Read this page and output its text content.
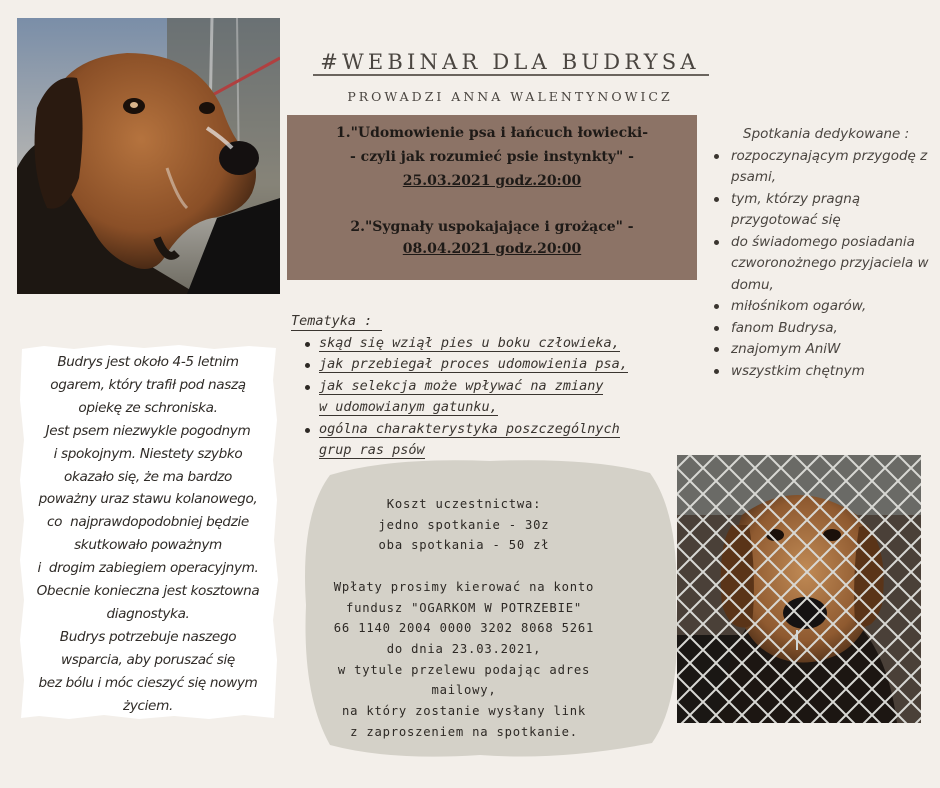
#WEBINAR DLA BUDRYSA
PROWADZI ANNA WALENTYNOWICZ
1."Udomowienie psa i łańcuch łowiecki-
- czyli jak rozumieć psie instynkty" -
25.03.2021 godz.20:00
2."Sygnały uspokajające i grożące" -
08.04.2021 godz.20:00
Spotkania dedykowane :
rozpoczynającym przygodę z psami,
tym, którzy pragną przygotować się
do świadomego posiadania czworonożnego przyjaciela w domu,
miłośnikom ogarów,
fanom Budrysa,
znajomym AniW
wszystkim chętnym
Tematyka :
skąd się wziął pies u boku człowieka,
jak przebiegał proces udomowienia psa,
jak selekcja może wpływać na zmiany
w udomowianym gatunku,
ogólna charakterystyka poszczególnych
grup ras psów
Budrys jest około 4-5 letnim
ogarem, który trafił pod naszą
opiekę ze schroniska.
Jest psem niezwykle pogodnym
i spokojnym. Niestety szybko
okazało się, że ma bardzo
poważny uraz stawu kolanowego,
co  najprawdopodobniej będzie
skutkowało poważnym
i  drogim zabiegiem operacyjnym.
Obecnie konieczna jest kosztowna
diagnostyka.
Budrys potrzebuje naszego
wsparcia, aby poruszać się
bez bólu i móc cieszyć się nowym
życiem.
Koszt uczestnictwa:
jedno spotkanie - 30z
oba spotkania - 50 zł

Wpłaty prosimy kierować na konto
fundusz "OGARKOM W POTRZEBIE"
66 1140 2004 0000 3202 8068 5261
do dnia 23.03.2021,
w tytule przelewu podając adres
mailowy,
na który zostanie wysłany link
z zaproszeniem na spotkanie.
